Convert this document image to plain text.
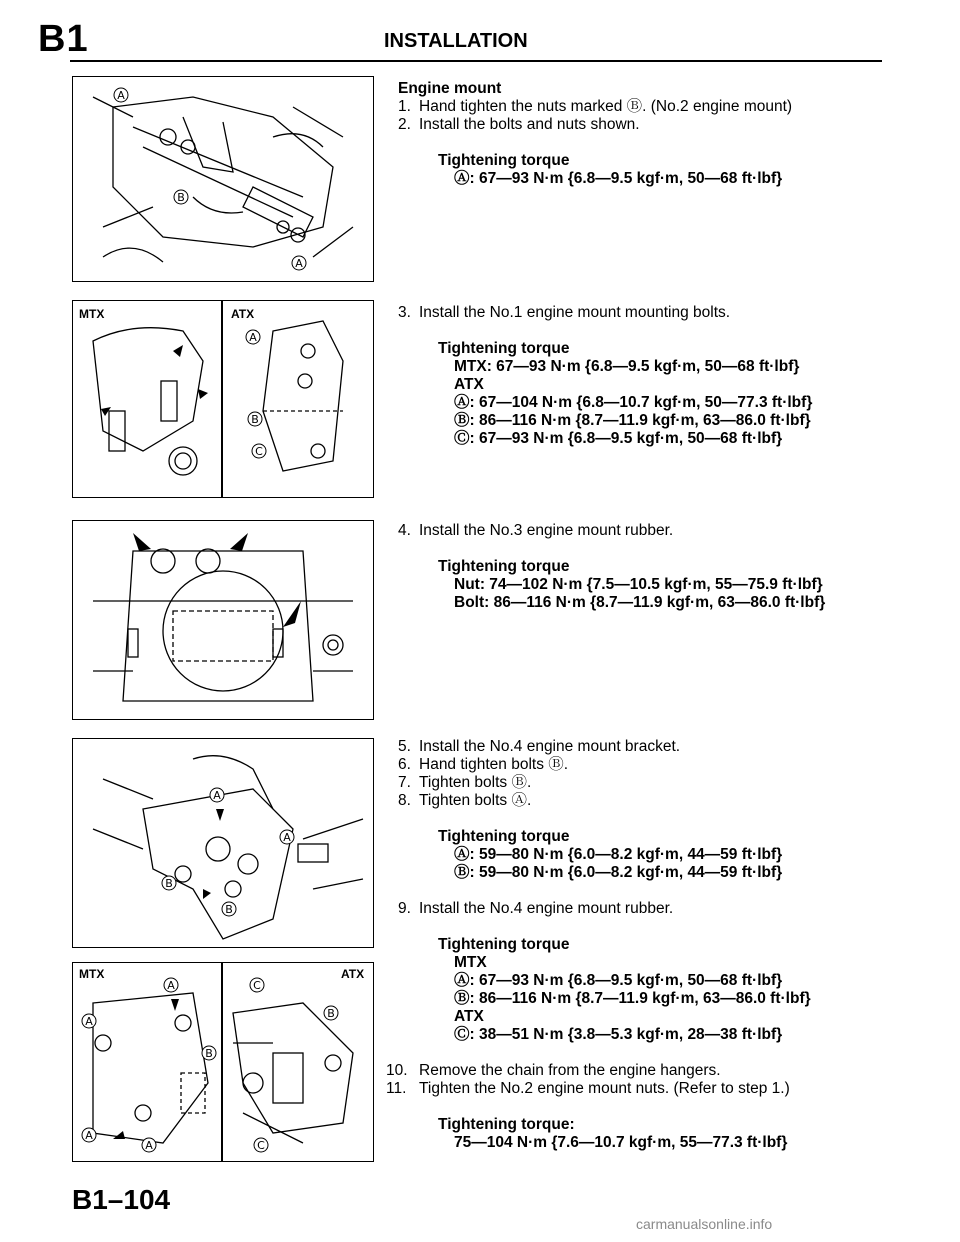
B1	INSTALLATION
A
B
A
MTX	ATX
A
B
C
A
A
B
B
MTX	ATX
A
A
B
A
A
C
B
C
Engine mount
1. Hand tighten the nuts marked Ⓑ. (No.2 engine mount)
2. Install the bolts and nuts shown.
Tightening torque
Ⓐ: 67—93 N·m {6.8—9.5 kgf·m, 50—68 ft·lbf}
3. Install the No.1 engine mount mounting bolts.
Tightening torque
MTX: 67—93 N·m {6.8—9.5 kgf·m, 50—68 ft·lbf}
ATX
Ⓐ: 67—104 N·m {6.8—10.7 kgf·m, 50—77.3 ft·lbf}
Ⓑ: 86—116 N·m {8.7—11.9 kgf·m, 63—86.0 ft·lbf}
Ⓒ: 67—93 N·m {6.8—9.5 kgf·m, 50—68 ft·lbf}
4. Install the No.3 engine mount rubber.
Tightening torque
Nut: 74—102 N·m {7.5—10.5 kgf·m, 55—75.9 ft·lbf}
Bolt: 86—116 N·m {8.7—11.9 kgf·m, 63—86.0 ft·lbf}
5. Install the No.4 engine mount bracket.
6. Hand tighten bolts Ⓑ.
7. Tighten bolts Ⓑ.
8. Tighten bolts Ⓐ.
Tightening torque
Ⓐ: 59—80 N·m {6.0—8.2 kgf·m, 44—59 ft·lbf}
Ⓑ: 59—80 N·m {6.0—8.2 kgf·m, 44—59 ft·lbf}
9. Install the No.4 engine mount rubber.
Tightening torque
MTX
Ⓐ: 67—93 N·m {6.8—9.5 kgf·m, 50—68 ft·lbf}
Ⓑ: 86—116 N·m {8.7—11.9 kgf·m, 63—86.0 ft·lbf}
ATX
Ⓒ: 38—51 N·m {3.8—5.3 kgf·m, 28—38 ft·lbf}
10. Remove the chain from the engine hangers.
11. Tighten the No.2 engine mount nuts. (Refer to step 1.)
Tightening torque:
75—104 N·m {7.6—10.7 kgf·m, 55—77.3 ft·lbf}
B1–104
carmanualsonline.info
